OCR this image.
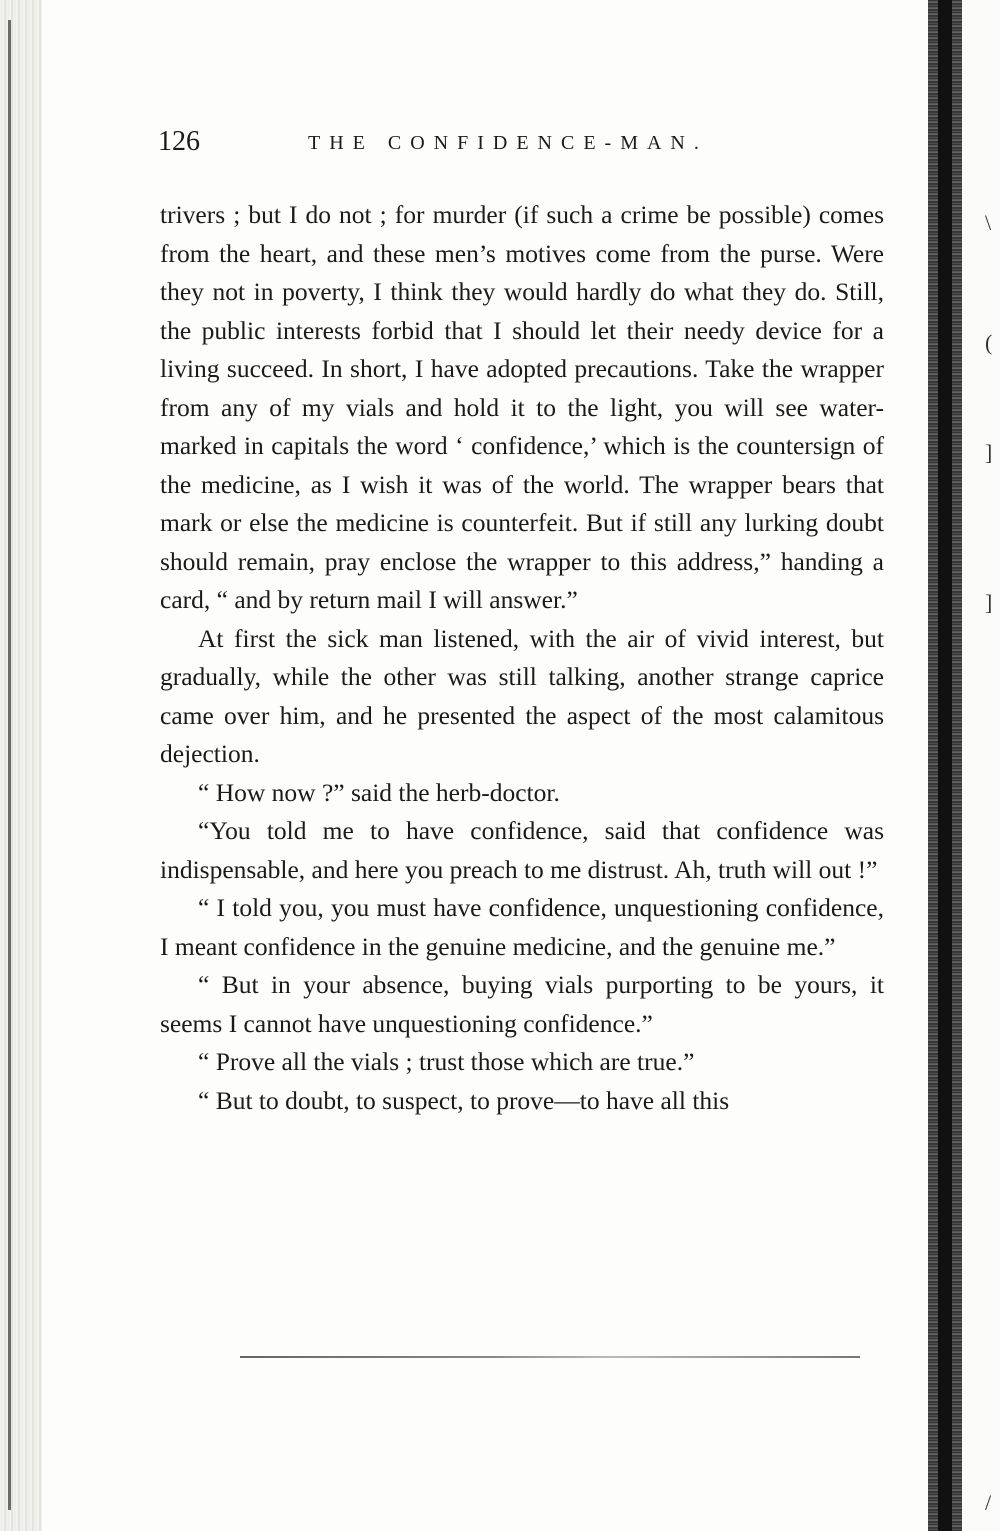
\
(
]
]
/
126	THE CONFIDENCE-MAN.

trivers ; but I do not ; for murder (if such a crime be possible) comes from the heart, and these men’s motives come from the purse. Were they not in poverty, I think they would hardly do what they do. Still, the public interests forbid that I should let their needy device for a living succeed. In short, I have adopted precautions. Take the wrapper from any of my vials and hold it to the light, you will see water-marked in capitals the word ‘ confidence,’ which is the countersign of the medicine, as I wish it was of the world. The wrapper bears that mark or else the medicine is counterfeit. But if still any lurking doubt should remain, pray enclose the wrapper to this address,” handing a card, “ and by return mail I will answer.”

At first the sick man listened, with the air of vivid interest, but gradually, while the other was still talking, another strange caprice came over him, and he presented the aspect of the most calamitous dejection.

“ How now ?” said the herb-doctor.

“You told me to have confidence, said that confidence was indispensable, and here you preach to me distrust. Ah, truth will out !”

“ I told you, you must have confidence, unquestioning confidence, I meant confidence in the genuine medicine, and the genuine me.”

“ But in your absence, buying vials purporting to be yours, it seems I cannot have unquestioning confidence.”

“ Prove all the vials ; trust those which are true.”

“ But to doubt, to suspect, to prove—to have all this
